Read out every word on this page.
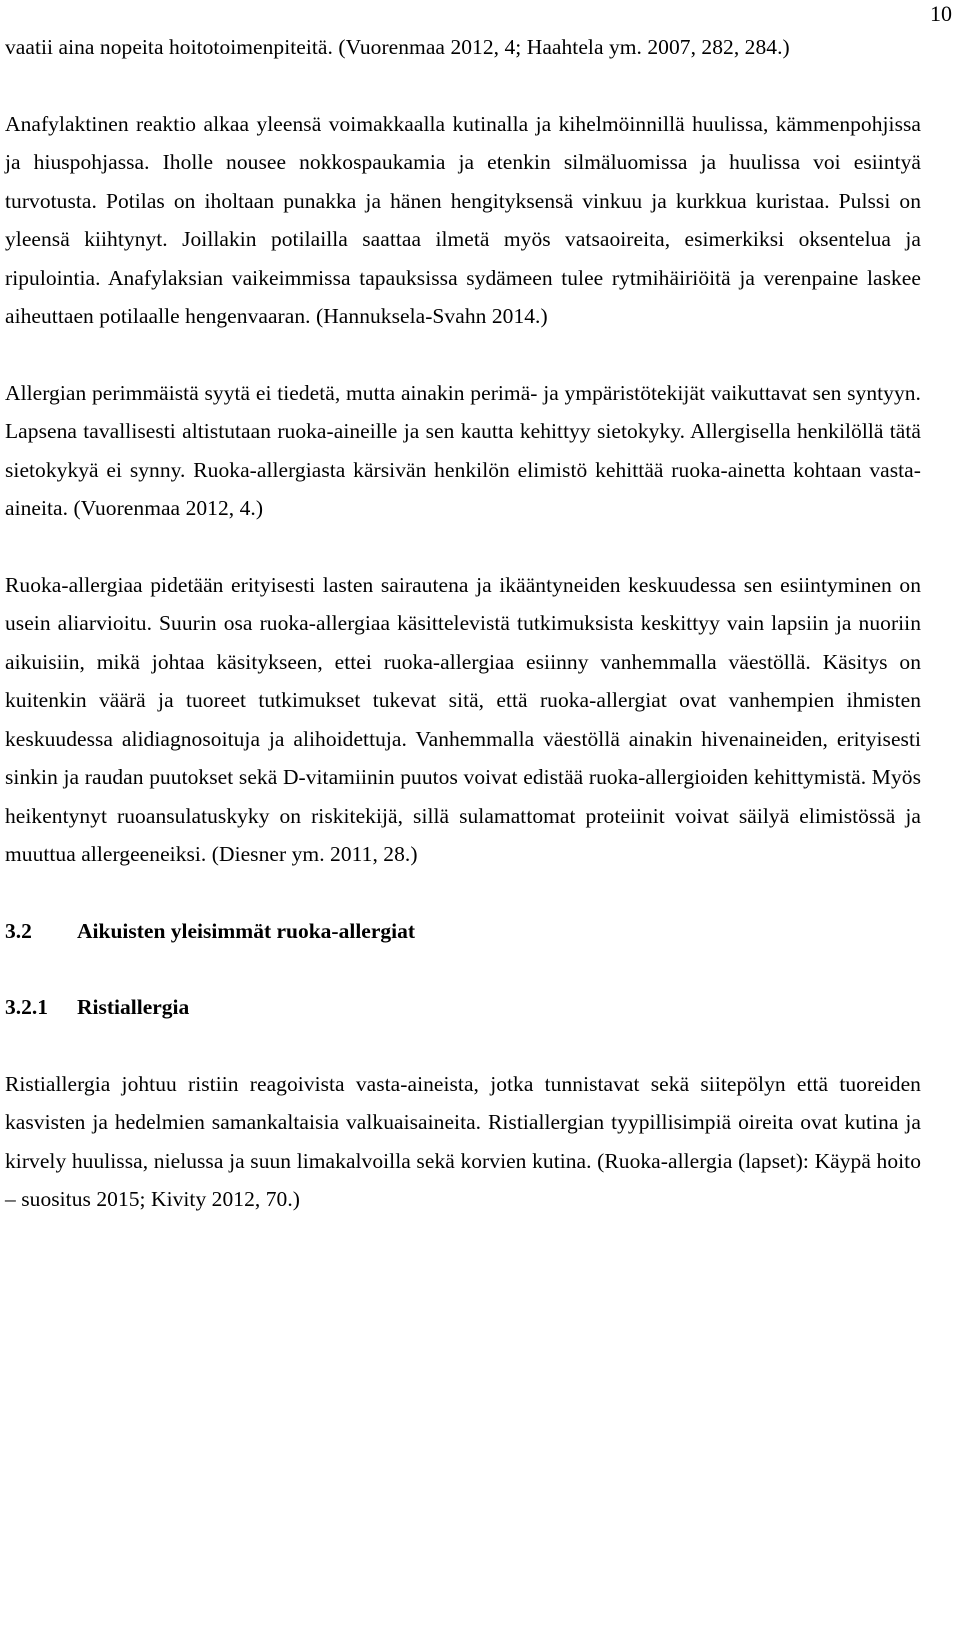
10

vaatii aina nopeita hoitotoimenpiteitä. (Vuorenmaa 2012, 4; Haahtela ym. 2007, 282, 284.)

Anafylaktinen reaktio alkaa yleensä voimakkaalla kutinalla ja kihelmöinnillä huulissa, kämmenpohjissa ja hiuspohjassa. Iholle nousee nokkospaukamia ja etenkin silmäluomissa ja huulissa voi esiintyä turvotusta. Potilas on iholtaan punakka ja hänen hengityksensä vinkuu ja kurkkua kuristaa. Pulssi on yleensä kiihtynyt. Joillakin potilailla saattaa ilmetä myös vatsaoireita, esimerkiksi oksentelua ja ripulointia. Anafylaksian vaikeimmissa tapauksissa sydämeen tulee rytmihäiriöitä ja verenpaine laskee aiheuttaen potilaalle hengenvaaran. (Hannuksela-Svahn 2014.)

Allergian perimmäistä syytä ei tiedetä, mutta ainakin perimä- ja ympäristötekijät vaikuttavat sen syntyyn. Lapsena tavallisesti altistutaan ruoka-aineille ja sen kautta kehittyy sietokyky. Allergisella henkilöllä tätä sietokykyä ei synny. Ruoka-allergiasta kärsivän henkilön elimistö kehittää ruoka-ainetta kohtaan vasta-aineita. (Vuorenmaa 2012, 4.)

Ruoka-allergiaa pidetään erityisesti lasten sairautena ja ikääntyneiden keskuudessa sen esiintyminen on usein aliarvioitu. Suurin osa ruoka-allergiaa käsittelevistä tutkimuksista keskittyy vain lapsiin ja nuoriin aikuisiin, mikä johtaa käsitykseen, ettei ruoka-allergiaa esiinny vanhemmalla väestöllä. Käsitys on kuitenkin väärä ja tuoreet tutkimukset tukevat sitä, että ruoka-allergiat ovat vanhempien ihmisten keskuudessa alidiagnosoituja ja alihoidettuja. Vanhemmalla väestöllä ainakin hivenaineiden, erityisesti sinkin ja raudan puutokset sekä D-vitamiinin puutos voivat edistää ruoka-allergioiden kehittymistä. Myös heikentynyt ruoansulatuskyky on riskitekijä, sillä sulamattomat proteiinit voivat säilyä elimistössä ja muuttua allergeeneiksi. (Diesner ym. 2011, 28.)

3.2 Aikuisten yleisimmät ruoka-allergiat
3.2.1 Ristiallergia

Ristiallergia johtuu ristiin reagoivista vasta-aineista, jotka tunnistavat sekä siitepölyn että tuoreiden kasvisten ja hedelmien samankaltaisia valkuaisaineita. Ristiallergian tyypillisimpiä oireita ovat kutina ja kirvely huulissa, nielussa ja suun limakalvoilla sekä korvien kutina. (Ruoka-allergia (lapset): Käypä hoito – suositus 2015; Kivity 2012, 70.)
